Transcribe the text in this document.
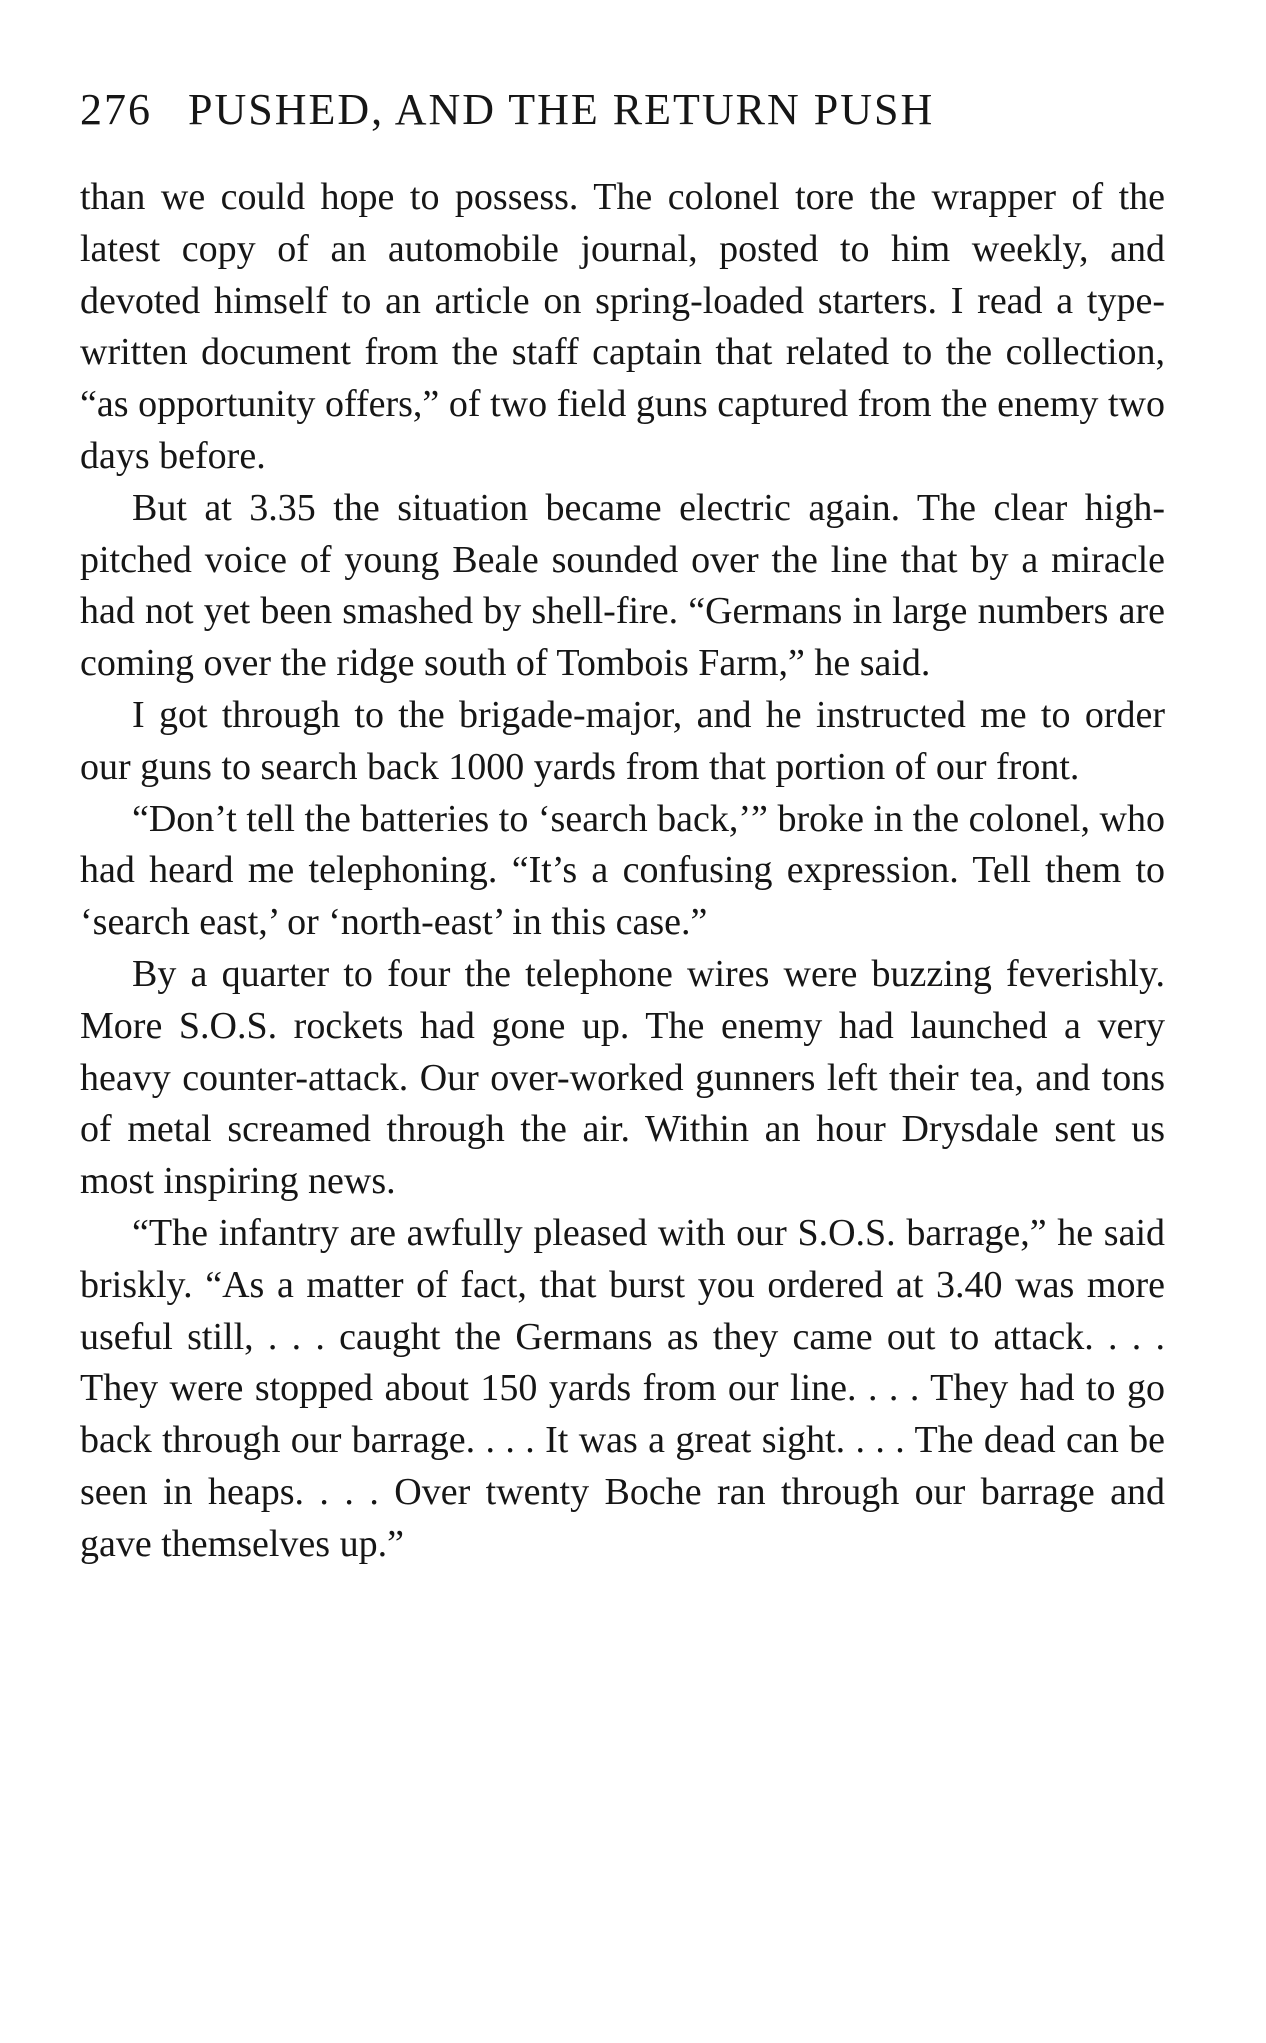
276 PUSHED, AND THE RETURN PUSH

than we could hope to possess. The colonel tore the wrapper of the latest copy of an automobile journal, posted to him weekly, and devoted himself to an article on spring-loaded starters. I read a type-written document from the staff captain that related to the collection, “as opportunity offers,” of two field guns captured from the enemy two days before.

But at 3.35 the situation became electric again. The clear high-pitched voice of young Beale sounded over the line that by a miracle had not yet been smashed by shell-fire. “Germans in large numbers are coming over the ridge south of Tombois Farm,” he said.

I got through to the brigade-major, and he instructed me to order our guns to search back 1000 yards from that portion of our front.

“Don’t tell the batteries to ‘search back,’” broke in the colonel, who had heard me telephoning. “It’s a confusing expression. Tell them to ‘search east,’ or ‘north-east’ in this case.”

By a quarter to four the telephone wires were buzzing feverishly. More S.O.S. rockets had gone up. The enemy had launched a very heavy counter-attack. Our over-worked gunners left their tea, and tons of metal screamed through the air. Within an hour Drysdale sent us most inspiring news.

“The infantry are awfully pleased with our S.O.S. barrage,” he said briskly. “As a matter of fact, that burst you ordered at 3.40 was more useful still, . . . caught the Germans as they came out to attack. . . . They were stopped about 150 yards from our line. . . . They had to go back through our barrage. . . . It was a great sight. . . . The dead can be seen in heaps. . . . Over twenty Boche ran through our barrage and gave themselves up.”
